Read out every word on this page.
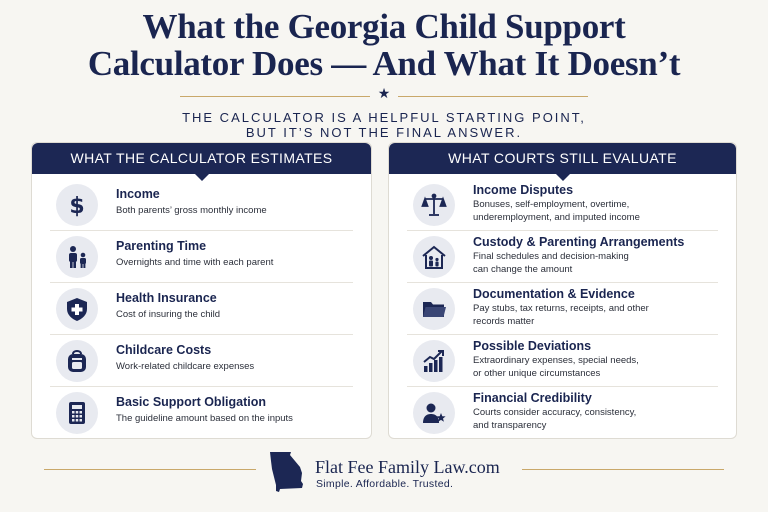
What the Georgia Child Support
Calculator Does — And What It Doesn’t
★
THE CALCULATOR IS A HELPFUL STARTING POINT,
BUT IT’S NOT THE FINAL ANSWER.
WHAT THE CALCULATOR ESTIMATES
$	Income
Both parents’ gross monthly income
Parenting Time
Overnights and time with each parent
Health Insurance
Cost of insuring the child
Childcare Costs
Work-related childcare expenses
Basic Support Obligation
The guideline amount based on the inputs
WHAT COURTS STILL EVALUATE
Income Disputes
Bonuses, self-employment, overtime,
underemployment, and imputed income
Custody & Parenting Arrangements
Final schedules and decision-making
can change the amount
Documentation & Evidence
Pay stubs, tax returns, receipts, and other
records matter
Possible Deviations
Extraordinary expenses, special needs,
or other unique circumstances
Financial Credibility
Courts consider accuracy, consistency,
and transparency
Flat Fee Family Law.com
Simple. Affordable. Trusted.
